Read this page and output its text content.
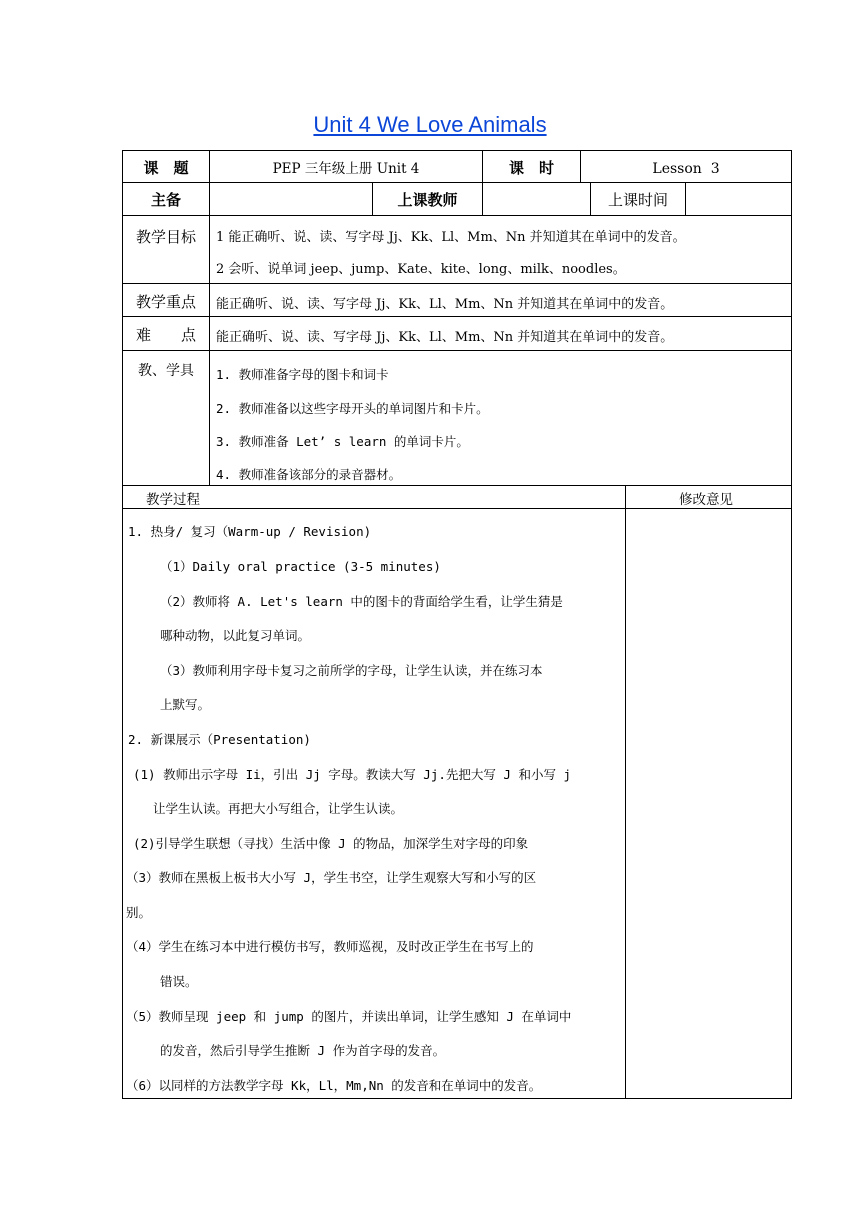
Unit 4 We Love Animals
课　题	PEP 三年级上册 Unit 4	课　时	Lesson  3
主备	上课教师	上课时间
教学目标	1 能正确听、说、读、写字母 Jj、Kk、Ll、Mm、Nn 并知道其在单词中的发音。
2 会听、说单词 jeep、jump、Kate、kite、long、milk、noodles。
教学重点	能正确听、说、读、写字母 Jj、Kk、Ll、Mm、Nn 并知道其在单词中的发音。
难　　点	能正确听、说、读、写字母 Jj、Kk、Ll、Mm、Nn 并知道其在单词中的发音。
教、学具	1. 教师准备字母的图卡和词卡
2. 教师准备以这些字母开头的单词图片和卡片。
3. 教师准备 Let’ s learn 的单词卡片。
4. 教师准备该部分的录音器材。
教学过程	修改意见
1. 热身/ 复习（Warm-up / Revision)
（1）Daily oral practice (3-5 minutes)
（2）教师将 A. Let's learn 中的图卡的背面给学生看，让学生猜是
哪种动物，以此复习单词。
（3）教师利用字母卡复习之前所学的字母，让学生认读，并在练习本
上默写。
2. 新课展示（Presentation)
(1) 教师出示字母 Ii，引出 Jj 字母。教读大写 Jj.先把大写 J 和小写 j
让学生认读。再把大小写组合，让学生认读。
(2)引导学生联想（寻找）生活中像 J 的物品，加深学生对字母的印象
（3）教师在黑板上板书大小写 J，学生书空，让学生观察大写和小写的区
别。
（4）学生在练习本中进行模仿书写，教师巡视，及时改正学生在书写上的
错误。
（5）教师呈现 jeep 和 jump 的图片，并读出单词，让学生感知 J 在单词中
的发音，然后引导学生推断 J 作为首字母的发音。
（6）以同样的方法教学字母 Kk，Ll，Mm,Nn 的发音和在单词中的发音。
